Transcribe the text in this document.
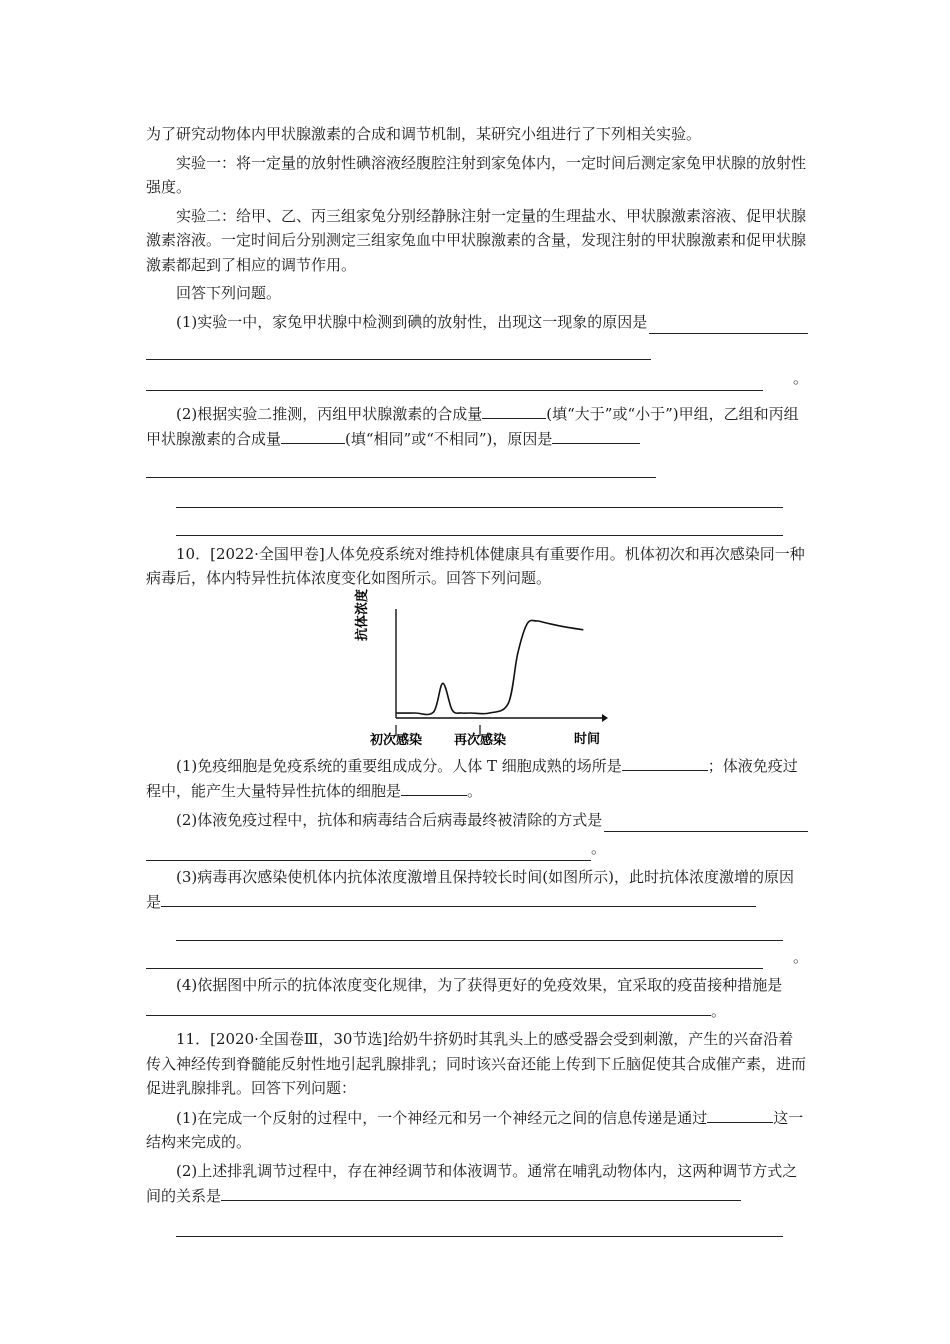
为了研究动物体内甲状腺激素的合成和调节机制，某研究小组进行了下列相关实验。

实验一：将一定量的放射性碘溶液经腹腔注射到家兔体内，一定时间后测定家兔甲状腺的放射性强度。

实验二：给甲、乙、丙三组家兔分别经静脉注射一定量的生理盐水、甲状腺激素溶液、促甲状腺激素溶液。一定时间后分别测定三组家兔血中甲状腺激素的含量，发现注射的甲状腺激素和促甲状腺激素都起到了相应的调节作用。

回答下列问题。

(1)实验一中，家兔甲状腺中检测到碘的放射性，出现这一现象的原因是

。

(2)根据实验二推测，丙组甲状腺激素的合成量	(填“大于”或“小于”)甲组，乙组和丙组甲状腺激素的合成量	(填“相同”或“不相同”)，原因是

10．[2022·全国甲卷]人体免疫系统对维持机体健康具有重要作用。机体初次和再次感染同一种病毒后，体内特异性抗体浓度变化如图所示。回答下列问题。

抗体浓度
时间
初次感染 再次感染

(1)免疫细胞是免疫系统的重要组成成分。人体 T 细胞成熟的场所是	；体液免疫过程中，能产生大量特异性抗体的细胞是	。

(2)体液免疫过程中，抗体和病毒结合后病毒最终被清除的方式是

。

(3)病毒再次感染使机体内抗体浓度激增且保持较长时间(如图所示)，此时抗体浓度激增的原因是

。

(4)依据图中所示的抗体浓度变化规律，为了获得更好的免疫效果，宜采取的疫苗接种措施是。

11．[2020·全国卷Ⅲ，30节选]给奶牛挤奶时其乳头上的感受器会受到刺激，产生的兴奋沿着传入神经传到脊髓能反射性地引起乳腺排乳；同时该兴奋还能上传到下丘脑促使其合成催产素，进而促进乳腺排乳。回答下列问题：

(1)在完成一个反射的过程中，一个神经元和另一个神经元之间的信息传递是通过	这一结构来完成的。

(2)上述排乳调节过程中，存在神经调节和体液调节。通常在哺乳动物体内，这两种调节方式之间的关系是
